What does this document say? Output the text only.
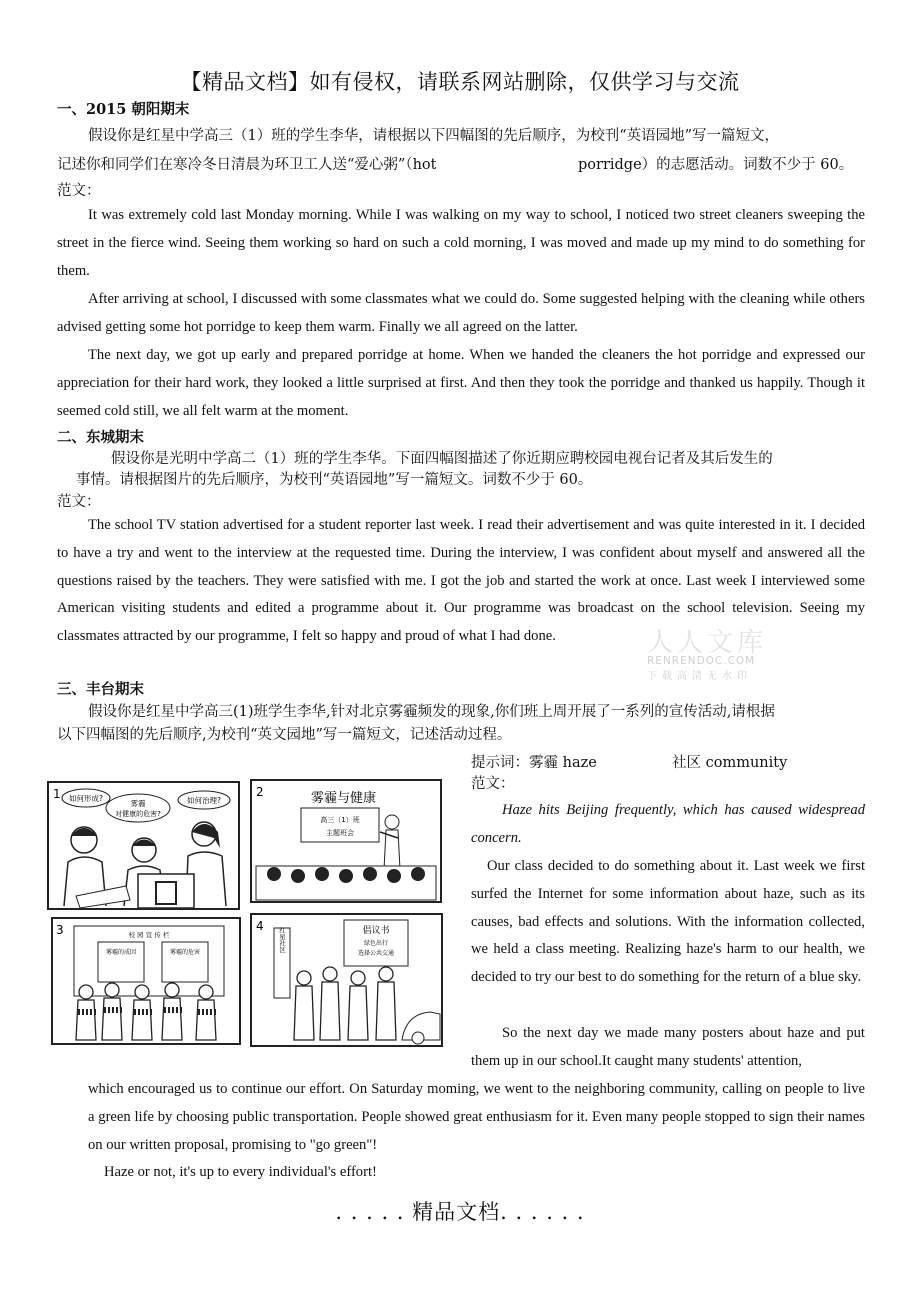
【精品文档】如有侵权，请联系网站删除，仅供学习与交流
一、2015 朝阳期末
假设你是红星中学高三（1）班的学生李华，请根据以下四幅图的先后顺序，为校刊“英语园地”写一篇短文，
记述你和同学们在寒冷冬日清晨为环卫工人送“爱心粥”（hot	porridge）的志愿活动。词数不少于 60。
范文：

It was extremely cold last Monday morning. While I was walking on my way to school, I noticed two street cleaners sweeping the street in the fierce wind. Seeing them working so hard on such a cold morning, I was moved and made up my mind to do something for them.

After arriving at school, I discussed with some classmates what we could do. Some suggested helping with the cleaning while others advised getting some hot porridge to keep them warm. Finally we all agreed on the latter.

The next day, we got up early and prepared porridge at home. When we handed the cleaners the hot porridge and expressed our appreciation for their hard work, they looked a little surprised at first. And then they took the porridge and thanked us happily. Though it seemed cold still, we all felt warm at the moment.

二、东城期末
假设你是光明中学高二（1）班的学生李华。下面四幅图描述了你近期应聘校园电视台记者及其后发生的
事情。请根据图片的先后顺序，为校刊“英语园地”写一篇短文。词数不少于 60。
范文：

The school TV station advertised for a student reporter last week. I read their advertisement and was quite interested in it. I decided to have a try and went to the interview at the requested time. During the interview, I was confident about myself and answered all the questions raised by the teachers. They were satisfied with me. I got the job and started the work at once. Last week I interviewed some American visiting students and edited a programme about it. Our programme was broadcast on the school television. Seeing my classmates attracted by our programme, I felt so happy and proud of what I had done.	人人文库
RENRENDOC.COM
下载高清无水印
三、丰台期末
假设你是红星中学高三(1)班学生李华,针对北京雾霾频发的现象,你们班上周开展了一系列的宣传活动,请根据
以下四幅图的先后顺序,为校刊“英文园地”写一篇短文，记述活动过程。
提示词：雾霾 haze	社区 community
范文：

Haze hits Beijing frequently, which has caused widespread concern.

Our class decided to do something about it. Last week we first surfed the Internet for some information about haze, such as its causes, bad effects and solutions. With the information collected, we held a class meeting. Realizing haze's harm to our health, we decided to try our best to do something for the return of a blue sky.

So the next day we made many posters about haze and put them up in our school.It caught many students' attention,

which encouraged us to continue our effort. On Saturday moming, we went to the neighboring community, calling on people to live a green life by choosing public transportation. People showed great enthusiasm for it. Even many people stopped to sign their names on our written proposal, promising to "go green"!

Haze or not, it's up to every individual's effort!
1 如何形成?
雾霾
对健康的危害?
如何治理?
2	雾霾与健康
高三（1）班
主题班会
3	校 园 宣 传 栏
雾霾的成因	雾霾的危害
4
红星社区	倡议书
绿色出行
选择公共交通
. . . . . 精品文档. . . . . .
